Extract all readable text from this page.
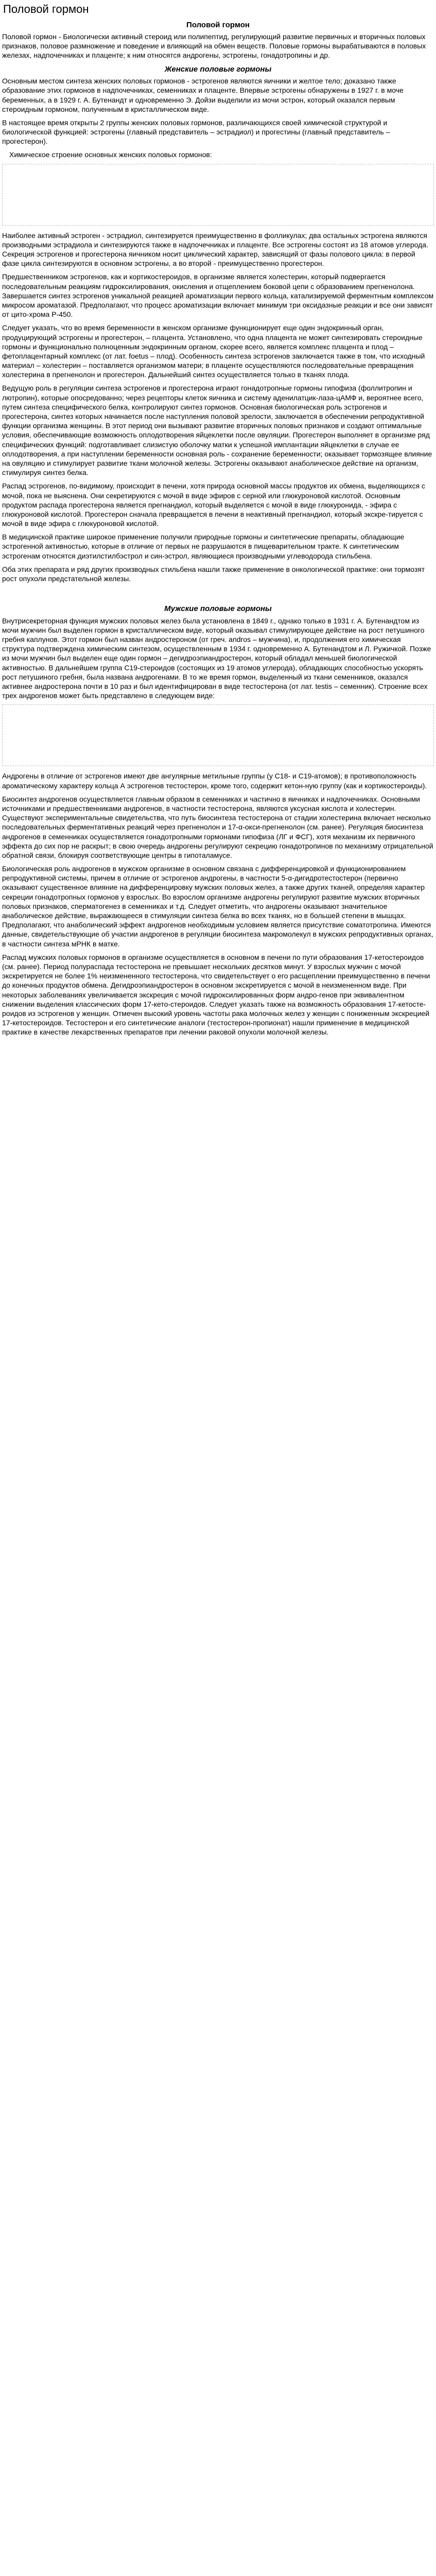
Половой гормон
Половой гормон

Половой гормон - Биологически активный стероид или полипептид, регулирующий развитие первичных и вторичных половых признаков, половое размножение и поведение и влияющий на обмен веществ. Половые гормоны вырабатываются в половых железах, надпочечниках и плаценте; к ним относятся андрогены, эстрогены, гонадотропины и др.

Женские половые гормоны

Основным местом синтеза женских половых гормонов - эстрогенов являются яичники и желтое тело; доказано также образование этих гормонов в надпочечниках, семенниках и плаценте. Впервые эстрогены обнаружены в 1927 г. в моче беременных, а в 1929 г. А. Бутенандт и одновременно Э. Дойзи выделили из мочи эстрон, который оказался первым стероидным гормоном, полученным в кристаллическом виде.

В настоящее время открыты 2 группы женских половых гормонов, различающихся своей химической структурой и биологической функцией: эстрогены (главный представитель – эстрадиол) и прогестины (главный представитель – прогестерон).

Химическое строение основных женских половых гормонов:

Наиболее активный эстроген - эстрадиол, синтезируется преимущественно в фолликулах; два остальных эстрогена являются производными эстрадиола и синтезируются также в надпочечниках и плаценте. Все эстрогены состоят из 18 атомов углерода. Секреция эстрогенов и прогестерона яичником носит циклический характер, зависящий от фазы полового цикла: в первой фазе цикла синтезируются в основном эстрогены, а во второй - преимущественно прогестерон.

Предшественником эстрогенов, как и кортикостероидов, в организме является холестерин, который подвергается последовательным реакциям гидроксилирования, окисления и отщеплением боковой цепи с образованием прегненолона. Завершается синтез эстрогенов уникальной реакцией ароматизации первого кольца, катализируемой ферментным комплексом микросом ароматазой. Предполагают, что процесс ароматизации включает минимум три оксидазные реакции и все они зависят от цито-хрома P-450.

Следует указать, что во время беременности в женском организме функционирует еще один эндокринный орган, продуцирующий эстрогены и прогестерон, – плацента. Установлено, что одна плацента не может синтезировать стероидные гормоны и функционально полноценным эндокринным органом, скорее всего, является комплекс плацента и плод – фетоплацентарный комплекс (от лат. foetus – плод). Особенность синтеза эстрогенов заключается также в том, что исходный материал – холестерин – поставляется организмом матери; в плаценте осуществляются последовательные превращения холестерина в прегненолон и прогестерон. Дальнейший синтез осуществляется только в тканях плода.

Ведущую роль в регуляции синтеза эстрогенов и прогестерона играют гонадотропные гормоны гипофиза (фоллитропин и лютропин), которые опосредованно; через рецепторы клеток яичника и систему аденилатцик-лаза-цАМФ и, вероятнее всего, путем синтеза специфического белка, контролируют синтез гормонов. Основная биологическая роль эстрогенов и прогестерона, синтез которых начинается после наступления половой зрелости, заключается в обеспечении репродуктивной функции организма женщины. В этот период они вызывают развитие вторичных половых признаков и создают оптимальные условия, обеспечивающие возможность оплодотворения яйцеклетки после овуляции. Прогестерон выполняет в организме ряд специфических функций: подготавливает слизистую оболочку матки к успешной имплантации яйцеклетки в случае ее оплодотворения, а при наступлении беременности основная роль - сохранение беременности; оказывает тормозящее влияние на овуляцию и стимулирует развитие ткани молочной железы. Эстрогены оказывают анаболическое действие на организм, стимулируя синтез белка.

Распад эстрогенов, по-видимому, происходит в печени, хотя природа основной массы продуктов их обмена, выделяющихся с мочой, пока не выяснена. Они секретируются с мочой в виде эфиров с серной или глюкуроновой кислотой. Основным продуктом распада прогестерона является прегнандиол, который выделяется с мочой в виде глюкуронида, - эфира с глюкуроновой кислотой. Прогестерон сначала превращается в печени в неактивный прегнандиол, который экскре-тируется с мочой в виде эфира с глюкуроновой кислотой.

В медицинской практике широкое применение получили природные гормоны и синтетические препараты, обладающие эстрогенной активностью, которые в отличие от первых не разрушаются в пищеварительном тракте. К синтетическим эстрогенам относятся диэтилстилбэстрол и син-эстрол, являющиеся производными углеводорода стильбена.

Оба этих препарата и ряд других производных стильбена нашли также применение в онкологической практике: они тормозят рост опухоли предстательной железы.

Мужские половые гормоны

Внутрисекреторная функция мужских половых желез была установлена в 1849 г., однако только в 1931 г. А. Бутенандтом из мочи мужчин был выделен гормон в кристаллическом виде, который оказывал стимулирующее действие на рост петушиного гребня каплунов. Этот гормон был назван андростероном (от греч. andros – мужчина), и, продолжения его химическая структура подтверждена химическим синтезом, осуществленным в 1934 г. одновременно А. Бутенандтом и Л. Ружичкой. Позже из мочи мужчин был выделен еще один гормон – дегидроэпиандростерон, который обладал меньшей биологической активностью. В дальнейшем группа С19-стероидов (состоящих из 19 атомов углерода), обладающих способностью ускорять рост петушиного гребня, была названа андрогенами. В то же время гормон, выделенный из ткани семенников, оказался активнее андростерона почти в 10 раз и был идентифицирован в виде тестостерона (от лат. testis – семенник). Строение всех трех андрогенов может быть представлено в следующем виде:

Андрогены в отличие от эстрогенов имеют две ангулярные метильные группы (у С18- и С19-атомов); в противоположность ароматическому характеру кольца А эстрогенов тестостерон, кроме того, содержит кетон-ную группу (как и кортикостероиды).

Биосинтез андрогенов осуществляется главным образом в семенниках и частично в яичниках и надпочечниках. Основными источниками и предшественниками андрогенов, в частности тестостерона, являются уксусная кислота и холестерин. Существуют экспериментальные свидетельства, что путь биосинтеза тестостерона от стадии холестерина включает несколько последовательных ферментативных реакций через прегненолон и 17-α-окси-прегненолон (см. ранее). Регуляция биосинтеза андрогенов в семенниках осуществляется гонадотропными гормонами гипофиза (ЛГ и ФСГ), хотя механизм их первичного эффекта до сих пор не раскрыт; в свою очередь андрогены регулируют секрецию гонадотропинов по механизму отрицательной обратной связи, блокируя соответствующие центры в гипоталамусе.

Биологическая роль андрогенов в мужском организме в основном связана с дифференцировкой и функционированием репродуктивной системы, причем в отличие от эстрогенов андрогены, в частности 5-α-дигидротестостерон (первично оказывают существенное влияние на дифференцировку мужских половых желез, а также других тканей, определяя характер секреции гонадотропных гормонов у взрослых. Во взрослом организме андрогены регулируют развитие мужских вторичных половых признаков, сперматогенез в семенниках и т.д. Следует отметить, что андрогены оказывают значительное анаболическое действие, выражающееся в стимуляции синтеза белка во всех тканях, но в большей степени в мышцах. Предполагают, что анаболический эффект андрогенов необходимым условием является присутствие соматотропина. Имеются данные, свидетельствующие об участии андрогенов в регуляции биосинтеза макромолекул в мужских репродуктивных органах, в частности синтеза мРНК в матке.

Распад мужских половых гормонов в организме осуществляется в основном в печени по пути образования 17-кетостероидов (см. ранее). Период полураспада тестостерона не превышает нескольких десятков минут. У взрослых мужчин с мочой экскретируется не более 1% неизмененного тестостерона, что свидетельствует о его расщеплении преимущественно в печени до конечных продуктов обмена. Дегидроэпиандростерон в основном экскретируется с мочой в неизмененном виде. При некоторых заболеваниях увеличивается экскреция с мочой гидроксилированных форм андро-генов при эквивалентном снижении выделения классических форм 17-кето-стероидов. Следует указать также на возможность образования 17-кетосте-роидов из эстрогенов у женщин. Отмечен высокий уровень частоты рака молочных желез у женщин с пониженным экскрецией 17-кетостероидов. Тестостерон и его синтетические аналоги (тестостерон-пропионат) нашли применение в медицинской практике в качестве лекарственных препаратов при лечении раковой опухоли молочной железы.
